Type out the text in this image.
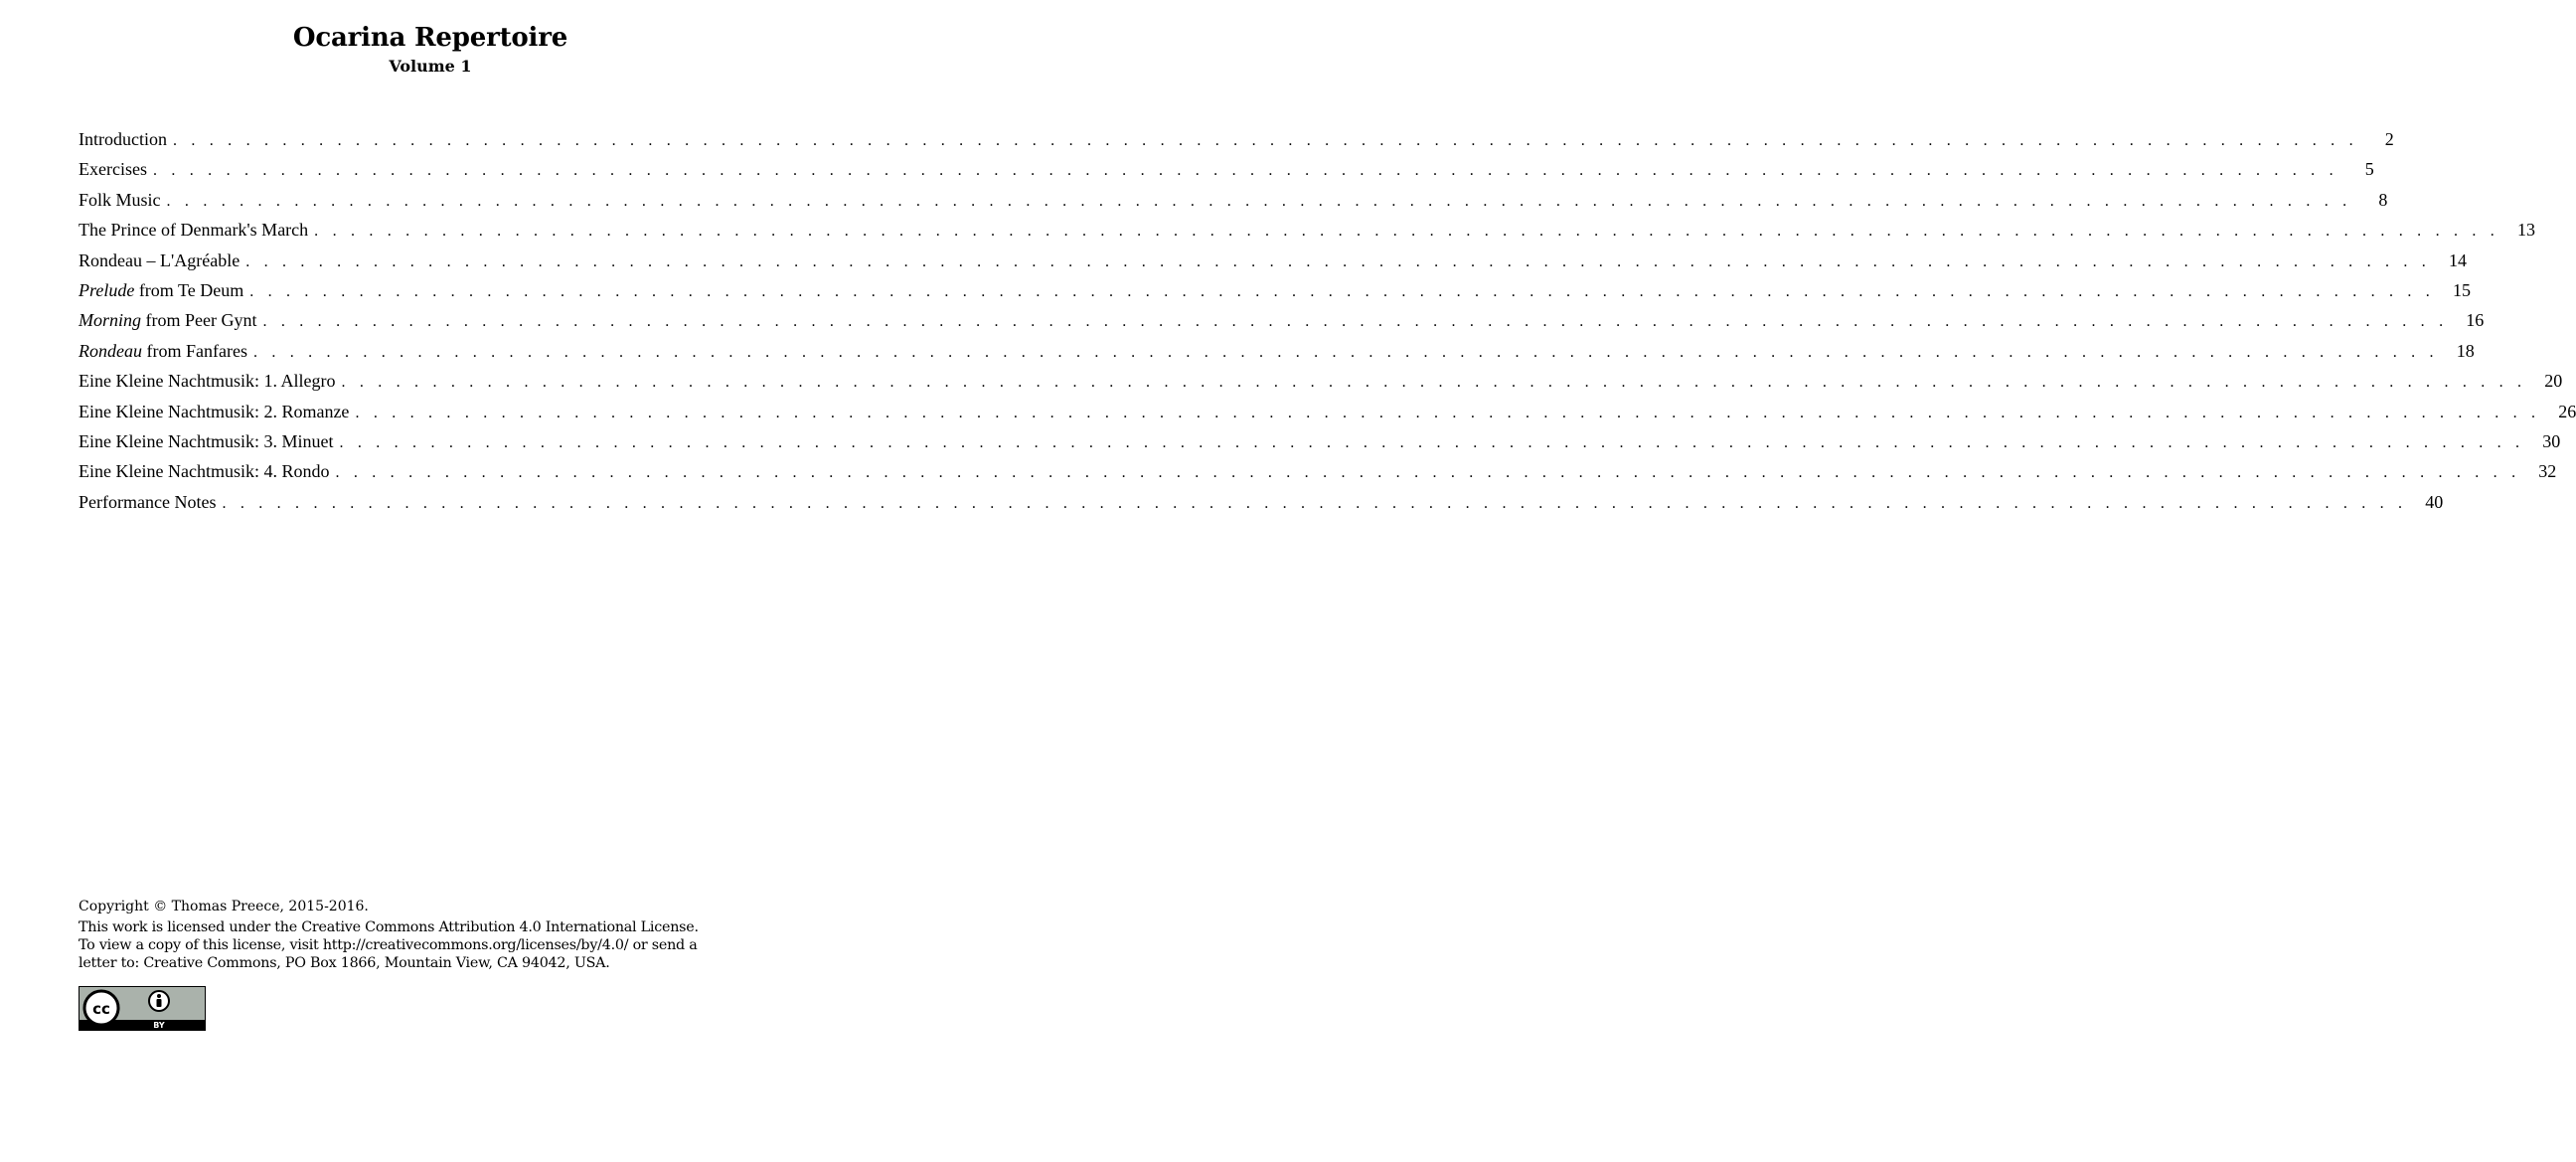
Ocarina Repertoire
Volume 1
Introduction . . . . . . . . . . . . . . . . . . . . . . . . . . . . . . . . . . . . . . . . . . . . . . . . . . . . . . . . . . . . . . . . . . . . . . . . . . . . . . . . . . . . . . . . . . . . . . . . . . . . . . . . . . . . . . . . . . . . . . . .	2
Exercises . . . . . . . . . . . . . . . . . . . . . . . . . . . . . . . . . . . . . . . . . . . . . . . . . . . . . . . . . . . . . . . . . . . . . . . . . . . . . . . . . . . . . . . . . . . . . . . . . . . . . . . . . . . . . . . . . . . . . . . .	5
Folk Music . . . . . . . . . . . . . . . . . . . . . . . . . . . . . . . . . . . . . . . . . . . . . . . . . . . . . . . . . . . . . . . . . . . . . . . . . . . . . . . . . . . . . . . . . . . . . . . . . . . . . . . . . . . . . . . . . . . . . . . .	8
The Prince of Denmark's March . . . . . . . . . . . . . . . . . . . . . . . . . . . . . . . . . . . . . . . . . . . . . . . . . . . . . . . . . . . . . . . . . . . . . . . . . . . . . . . . . . . . . . . . . . . . . . . . . . . . . . . . . . . . . . . . . . . . . . . .	13
Rondeau – L'Agréable . . . . . . . . . . . . . . . . . . . . . . . . . . . . . . . . . . . . . . . . . . . . . . . . . . . . . . . . . . . . . . . . . . . . . . . . . . . . . . . . . . . . . . . . . . . . . . . . . . . . . . . . . . . . . . . . . . . . . . . .	14
Prelude from Te Deum . . . . . . . . . . . . . . . . . . . . . . . . . . . . . . . . . . . . . . . . . . . . . . . . . . . . . . . . . . . . . . . . . . . . . . . . . . . . . . . . . . . . . . . . . . . . . . . . . . . . . . . . . . . . . . . . . . . . . . . .	15
Morning from Peer Gynt . . . . . . . . . . . . . . . . . . . . . . . . . . . . . . . . . . . . . . . . . . . . . . . . . . . . . . . . . . . . . . . . . . . . . . . . . . . . . . . . . . . . . . . . . . . . . . . . . . . . . . . . . . . . . . . . . . . . . . . .	16
Rondeau from Fanfares . . . . . . . . . . . . . . . . . . . . . . . . . . . . . . . . . . . . . . . . . . . . . . . . . . . . . . . . . . . . . . . . . . . . . . . . . . . . . . . . . . . . . . . . . . . . . . . . . . . . . . . . . . . . . . . . . . . . . . . .	18
Eine Kleine Nachtmusik: 1. Allegro . . . . . . . . . . . . . . . . . . . . . . . . . . . . . . . . . . . . . . . . . . . . . . . . . . . . . . . . . . . . . . . . . . . . . . . . . . . . . . . . . . . . . . . . . . . . . . . . . . . . . . . . . . . . . . . . . . . . . . . .	20
Eine Kleine Nachtmusik: 2. Romanze . . . . . . . . . . . . . . . . . . . . . . . . . . . . . . . . . . . . . . . . . . . . . . . . . . . . . . . . . . . . . . . . . . . . . . . . . . . . . . . . . . . . . . . . . . . . . . . . . . . . . . . . . . . . . . . . . . . . . . . .	26
Eine Kleine Nachtmusik: 3. Minuet . . . . . . . . . . . . . . . . . . . . . . . . . . . . . . . . . . . . . . . . . . . . . . . . . . . . . . . . . . . . . . . . . . . . . . . . . . . . . . . . . . . . . . . . . . . . . . . . . . . . . . . . . . . . . . . . . . . . . . . .	30
Eine Kleine Nachtmusik: 4. Rondo . . . . . . . . . . . . . . . . . . . . . . . . . . . . . . . . . . . . . . . . . . . . . . . . . . . . . . . . . . . . . . . . . . . . . . . . . . . . . . . . . . . . . . . . . . . . . . . . . . . . . . . . . . . . . . . . . . . . . . . .	32
Performance Notes . . . . . . . . . . . . . . . . . . . . . . . . . . . . . . . . . . . . . . . . . . . . . . . . . . . . . . . . . . . . . . . . . . . . . . . . . . . . . . . . . . . . . . . . . . . . . . . . . . . . . . . . . . . . . . . . . . . . . . . .	40
Copyright © Thomas Preece, 2015-2016.
This work is licensed under the Creative Commons Attribution 4.0 International License.
To view a copy of this license, visit http://creativecommons.org/licenses/by/4.0/ or send a
letter to: Creative Commons, PO Box 1866, Mountain View, CA 94042, USA.
cc
BY
